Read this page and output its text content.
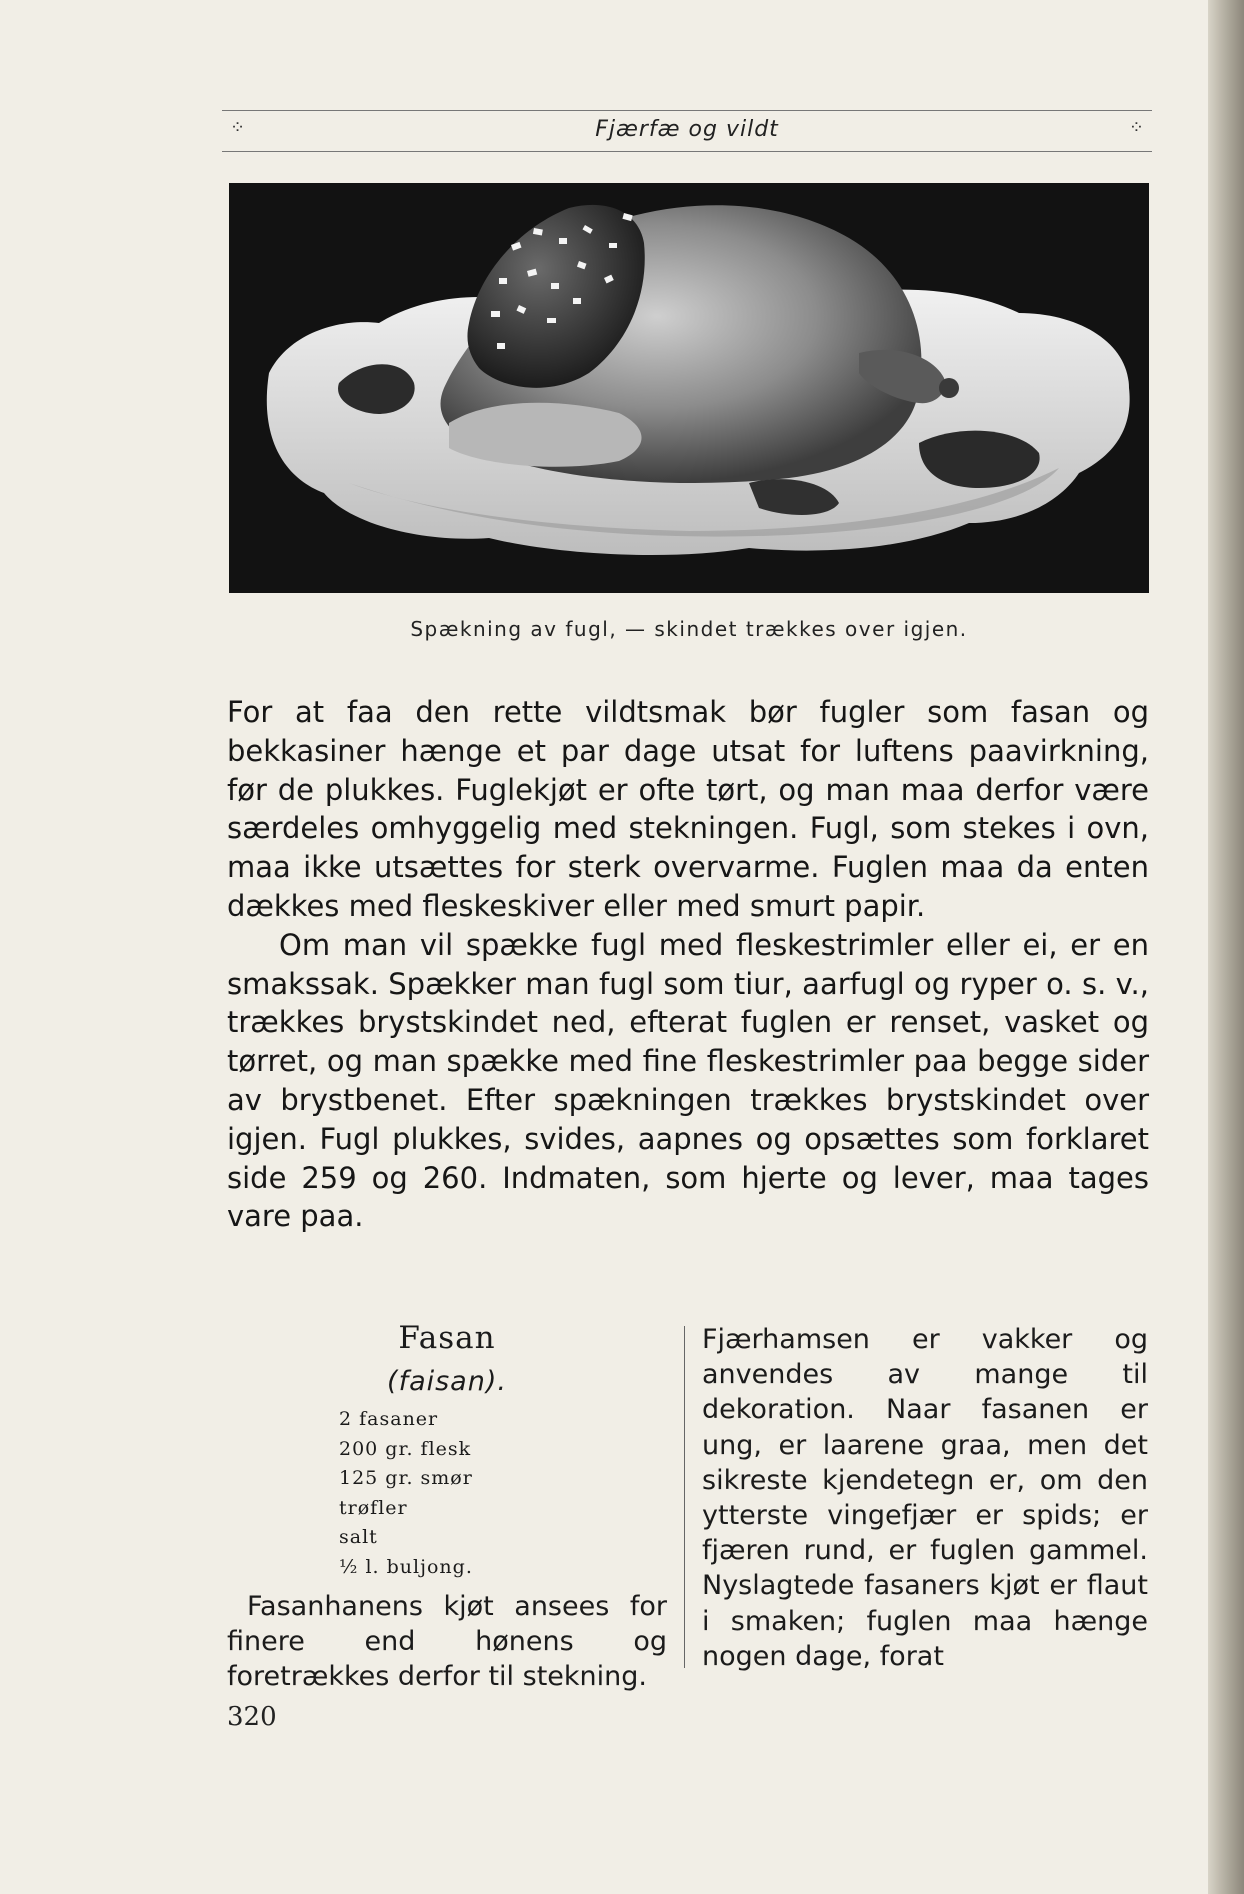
⁘	Fjærfæ og vildt	⁘
Spækning av fugl, — skindet trækkes over igjen.

For at faa den rette vildtsmak bør fugler som fasan og bekkasiner hænge et par dage utsat for luftens paavirkning, før de plukkes. Fuglekjøt er ofte tørt, og man maa derfor være særdeles omhyggelig med stekningen. Fugl, som stekes i ovn, maa ikke utsættes for sterk overvarme. Fuglen maa da enten dækkes med fleskeskiver eller med smurt papir.

Om man vil spække fugl med fleskestrimler eller ei, er en smakssak. Spækker man fugl som tiur, aarfugl og ryper o. s. v., trækkes brystskindet ned, efterat fuglen er renset, vasket og tørret, og man spække med fine fleskestrimler paa begge sider av brystbenet. Efter spækningen trækkes brystskindet over igjen. Fugl plukkes, svides, aapnes og opsættes som forklaret side 259 og 260. Indmaten, som hjerte og lever, maa tages vare paa.

Fasan
(faisan).
2 fasaner
200 gr. flesk
125 gr. smør
trøfler
salt
½ l. buljong.

Fasanhanens kjøt ansees for finere end hønens og foretrækkes derfor til stekning.

Fjærhamsen er vakker og anvendes av mange til dekoration. Naar fasanen er ung, er laarene graa, men det sikreste kjendetegn er, om den ytterste vingefjær er spids; er fjæren rund, er fuglen gammel. Nyslagtede fasaners kjøt er flaut i smaken; fuglen maa hænge nogen dage, forat

320
